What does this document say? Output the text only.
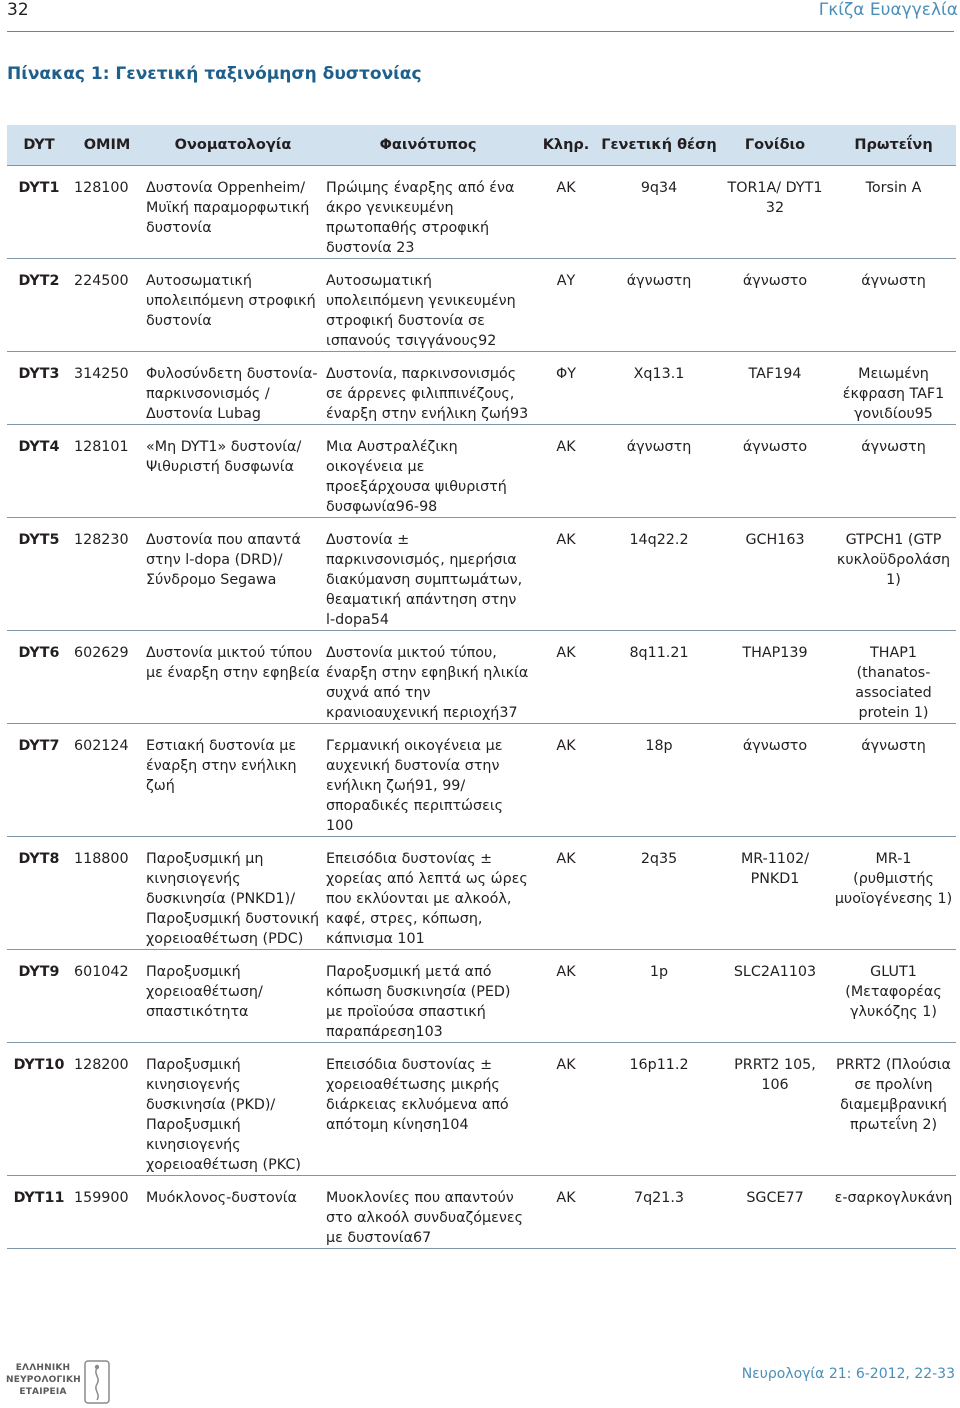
32	Γκίζα Ευαγγελία
Πίνακας 1: Γενετική ταξινόμηση δυστονίας
DYT	OMIM	Ονοματολογία	Φαινότυπος	Κληρ.	Γενετική θέση	Γονίδιο	Πρωτεΐνη
DYT1	128100	Δυστονία Oppenheim/ Μυϊκή παραμορφωτική δυστονία	Πρώιμης έναρξης από ένα άκρο γενικευμένη πρωτοπαθής στροφική δυστονία 23	ΑΚ	9q34	TOR1A/ DYT1 32	Torsin A
DYT2	224500	Αυτοσωματική υπολειπόμενη στροφική δυστονία	Αυτοσωματική υπολειπόμενη γενικευμένη στροφική δυστονία σε ισπανούς τσιγγάνους92	ΑΥ	άγνωστη	άγνωστο	άγνωστη
DYT3	314250	Φυλοσύνδετη δυστονία-παρκινσονισμός /Δυστονία Lubag	Δυστονία, παρκινσονισμός σε άρρενες φιλιππινέζους, έναρξη στην ενήλικη ζωή93	ΦΥ	Xq13.1	TAF194	Μειωμένη έκφραση TAF1 γονιδίου95
DYT4	128101	«Mη DYT1» δυστονία/ Ψιθυριστή δυσφωνία	Μια Αυστραλέζικη οικογένεια με προεξάρχουσα ψιθυριστή δυσφωνία96-98	ΑΚ	άγνωστη	άγνωστο	άγνωστη
DYT5	128230	Δυστονία που απαντά στην l-dopa (DRD)/Σύνδρομο Segawa	Δυστονία ± παρκινσονισμός, ημερήσια διακύμανση συμπτωμάτων, θεαματική απάντηση στην l-dopa54	ΑΚ	14q22.2	GCH163	GTPCH1 (GTP κυκλοϋδρολάση 1)
DYT6	602629	Δυστονία μικτού τύπου με έναρξη στην εφηβεία	Δυστονία μικτού τύπου, έναρξη στην εφηβική ηλικία συχνά από την κρανιοαυχενική περιοχή37	ΑΚ	8q11.21	THAP139	THAP1 (thanatos-associated protein 1)
DYT7	602124	Εστιακή δυστονία με έναρξη στην ενήλικη ζωή	Γερμανική οικογένεια με αυχενική δυστονία στην ενήλικη ζωή91, 99/σποραδικές περιπτώσεις 100	ΑΚ	18p	άγνωστο	άγνωστη
DYT8	118800	Παροξυσμική μη κινησιογενής δυσκινησία (PNKD1)/ Παροξυσμική δυστονική χορειοαθέτωση (PDC)	Επεισόδια δυστονίας ± χορείας από λεπτά ως ώρες που εκλύονται με αλκοόλ, καφέ, στρες, κόπωση, κάπνισμα 101	ΑΚ	2q35	MR-1102/ PNKD1	MR-1 (ρυθμιστής μυοϊογένεσης 1)
DYT9	601042	Παροξυσμική χορειοαθέτωση/σπαστικότητα	Παροξυσμική μετά από κόπωση δυσκινησία (PED) με προϊούσα σπαστική παραπάρεση103	ΑΚ	1p	SLC2A1103	GLUT1 (Μεταφορέας γλυκόζης 1)
DYT10	128200	Παροξυσμική κινησιογενής δυσκινησία (PKD)/ Παροξυσμική κινησιογενής χορειοαθέτωση (PKC)	Επεισόδια δυστονίας ± χορειοαθέτωσης μικρής διάρκειας εκλυόμενα από απότομη κίνηση104	ΑΚ	16p11.2	PRRT2 105, 106	PRRT2 (Πλούσια σε προλίνη διαμεμβρανική πρωτεΐνη 2)
DYT11	159900	Μυόκλονος-δυστονία	Μυοκλονίες που απαντούν στο αλκοόλ συνδυαζόμενες με δυστονία67	ΑΚ	7q21.3	SGCE77	ε-σαρκογλυκάνη
ΕΛΛΗΝΙΚΗ
ΝΕΥΡΟΛΟΓΙΚΗ
ΕΤΑΙΡΕΙΑ
Νευρολογία 21: 6-2012, 22-33
